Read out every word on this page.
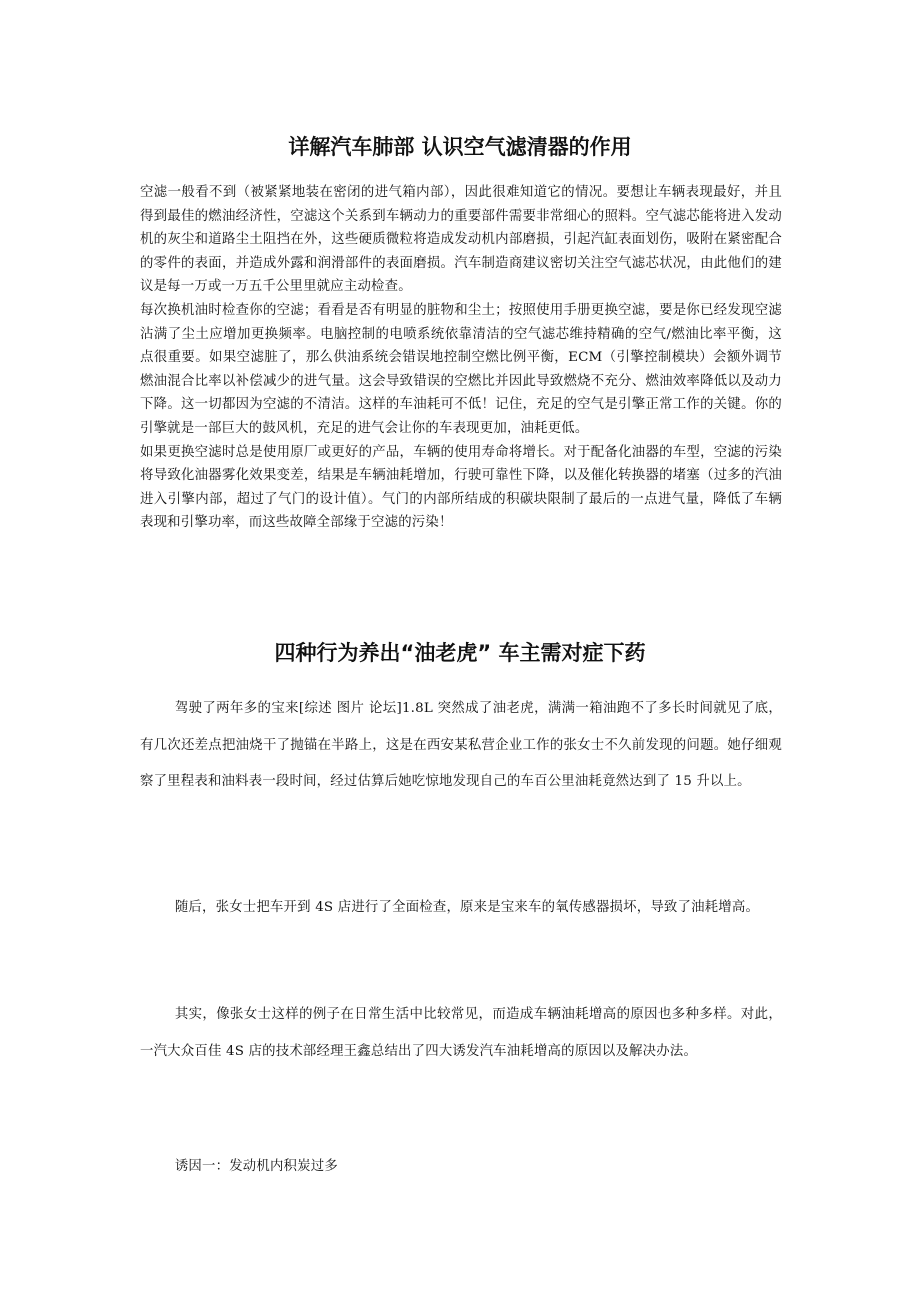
详解汽车肺部 认识空气滤清器的作用

空滤一般看不到（被紧紧地装在密闭的进气箱内部），因此很难知道它的情况。要想让车辆表现最好，并且得到最佳的燃油经济性，空滤这个关系到车辆动力的重要部件需要非常细心的照料。空气滤芯能将进入发动机的灰尘和道路尘土阻挡在外，这些硬质微粒将造成发动机内部磨损，引起汽缸表面划伤，吸附在紧密配合的零件的表面，并造成外露和润滑部件的表面磨损。汽车制造商建议密切关注空气滤芯状况，由此他们的建议是每一万或一万五千公里里就应主动检查。

每次换机油时检查你的空滤；看看是否有明显的脏物和尘土；按照使用手册更换空滤，要是你已经发现空滤沾满了尘土应增加更换频率。电脑控制的电喷系统依靠清洁的空气滤芯维持精确的空气/燃油比率平衡，这点很重要。如果空滤脏了，那么供油系统会错误地控制空燃比例平衡，ECM（引擎控制模块）会额外调节燃油混合比率以补偿减少的进气量。这会导致错误的空燃比并因此导致燃烧不充分、燃油效率降低以及动力下降。这一切都因为空滤的不清洁。这样的车油耗可不低！记住，充足的空气是引擎正常工作的关键。你的引擎就是一部巨大的鼓风机，充足的进气会让你的车表现更加，油耗更低。

如果更换空滤时总是使用原厂或更好的产品，车辆的使用寿命将增长。对于配备化油器的车型，空滤的污染将导致化油器雾化效果变差，结果是车辆油耗增加，行驶可靠性下降，以及催化转换器的堵塞（过多的汽油进入引擎内部，超过了气门的设计值）。气门的内部所结成的积碳块限制了最后的一点进气量，降低了车辆表现和引擎功率，而这些故障全部缘于空滤的污染！

四种行为养出“油老虎” 车主需对症下药

驾驶了两年多的宝来[综述 图片 论坛]1.8L 突然成了油老虎，满满一箱油跑不了多长时间就见了底，有几次还差点把油烧干了抛锚在半路上，这是在西安某私营企业工作的张女士不久前发现的问题。她仔细观察了里程表和油料表一段时间，经过估算后她吃惊地发现自己的车百公里油耗竟然达到了 15 升以上。

随后，张女士把车开到 4S 店进行了全面检查，原来是宝来车的氧传感器损坏，导致了油耗增高。

其实，像张女士这样的例子在日常生活中比较常见，而造成车辆油耗增高的原因也多种多样。对此，一汽大众百佳 4S 店的技术部经理王鑫总结出了四大诱发汽车油耗增高的原因以及解决办法。

诱因一：发动机内积炭过多
